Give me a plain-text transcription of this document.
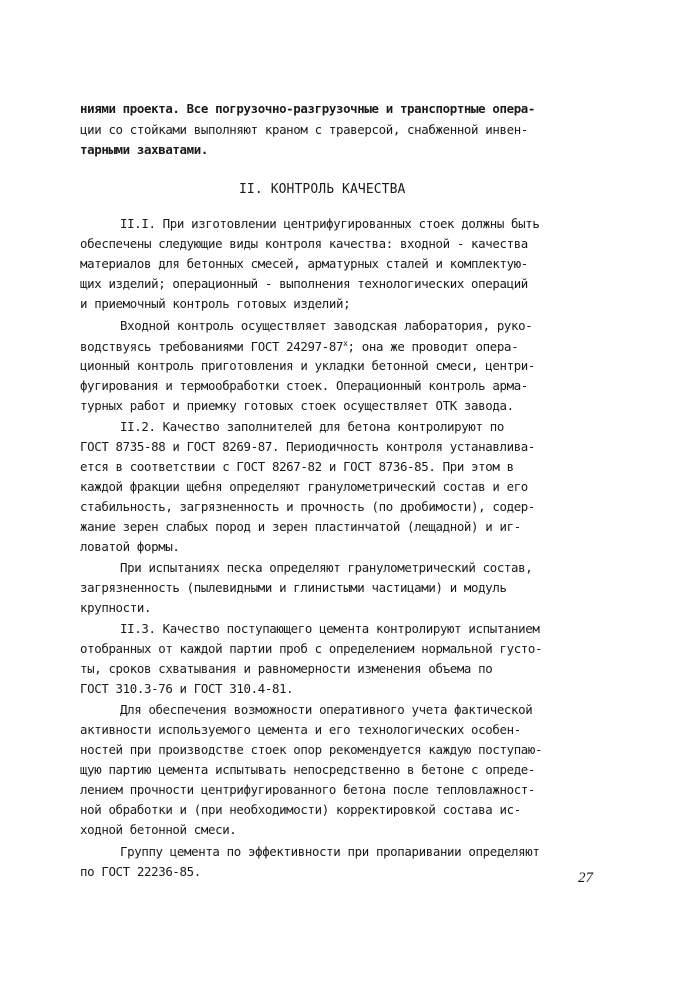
ниями проекта. Все погрузочно-разгрузочные и транспортные опера-
ции со стойками выполняют краном с траверсой, снабженной инвен-
тарными захватами.
II. КОНТРОЛЬ КАЧЕСТВА
II.I. При изготовлении центрифугированных стоек должны быть
обеспечены следующие виды контроля качества: входной - качества
материалов для бетонных смесей, арматурных сталей и комплектую-
щих изделий; операционный - выполнения технологических операций
и приемочный контроль готовых изделий;
Входной контроль осуществляет заводская лаборатория, руко-
водствуясь требованиями ГОСТ $24297-87^х$; она же проводит опера-
ционный контроль приготовления и укладки бетонной смеси, центри-
фугирования и термообработки стоек. Операционный контроль арма-
турных работ и приемку готовых стоек осуществляет ОТК завода.
II.2. Качество заполнителей для бетона контролируют по
ГОСТ 8735-88 и ГОСТ 8269-87. Периодичность контроля устанавлива-
ется в соответствии с ГОСТ 8267-82 и ГОСТ 8736-85. При этом в
каждой фракции щебня определяют гранулометрический состав и его
стабильность, загрязненность и прочность (по дробимости), содер-
жание зерен слабых пород и зерен пластинчатой (лещадной) и иг-
ловатой формы.
При испытаниях песка определяют гранулометрический состав,
загрязненность (пылевидными и глинистыми частицами) и модуль
крупности.
II.3. Качество поступающего цемента контролируют испытанием
отобранных от каждой партии проб с определением нормальной густо-
ты, сроков схватывания и равномерности изменения объема по
ГОСТ 310.3-76 и ГОСТ 310.4-81.
Для обеспечения возможности оперативного учета фактической
активности используемого цемента и его технологических особен-
ностей при производстве стоек опор рекомендуется каждую поступаю-
щую партию цемента испытывать непосредственно в бетоне с опреде-
лением прочности центрифугированного бетона после тепловлажност-
ной обработки и (при необходимости) корректировкой состава ис-
ходной бетонной смеси.
Группу цемента по эффективности при пропаривании определяют
по ГОСТ 22236-85.	27
